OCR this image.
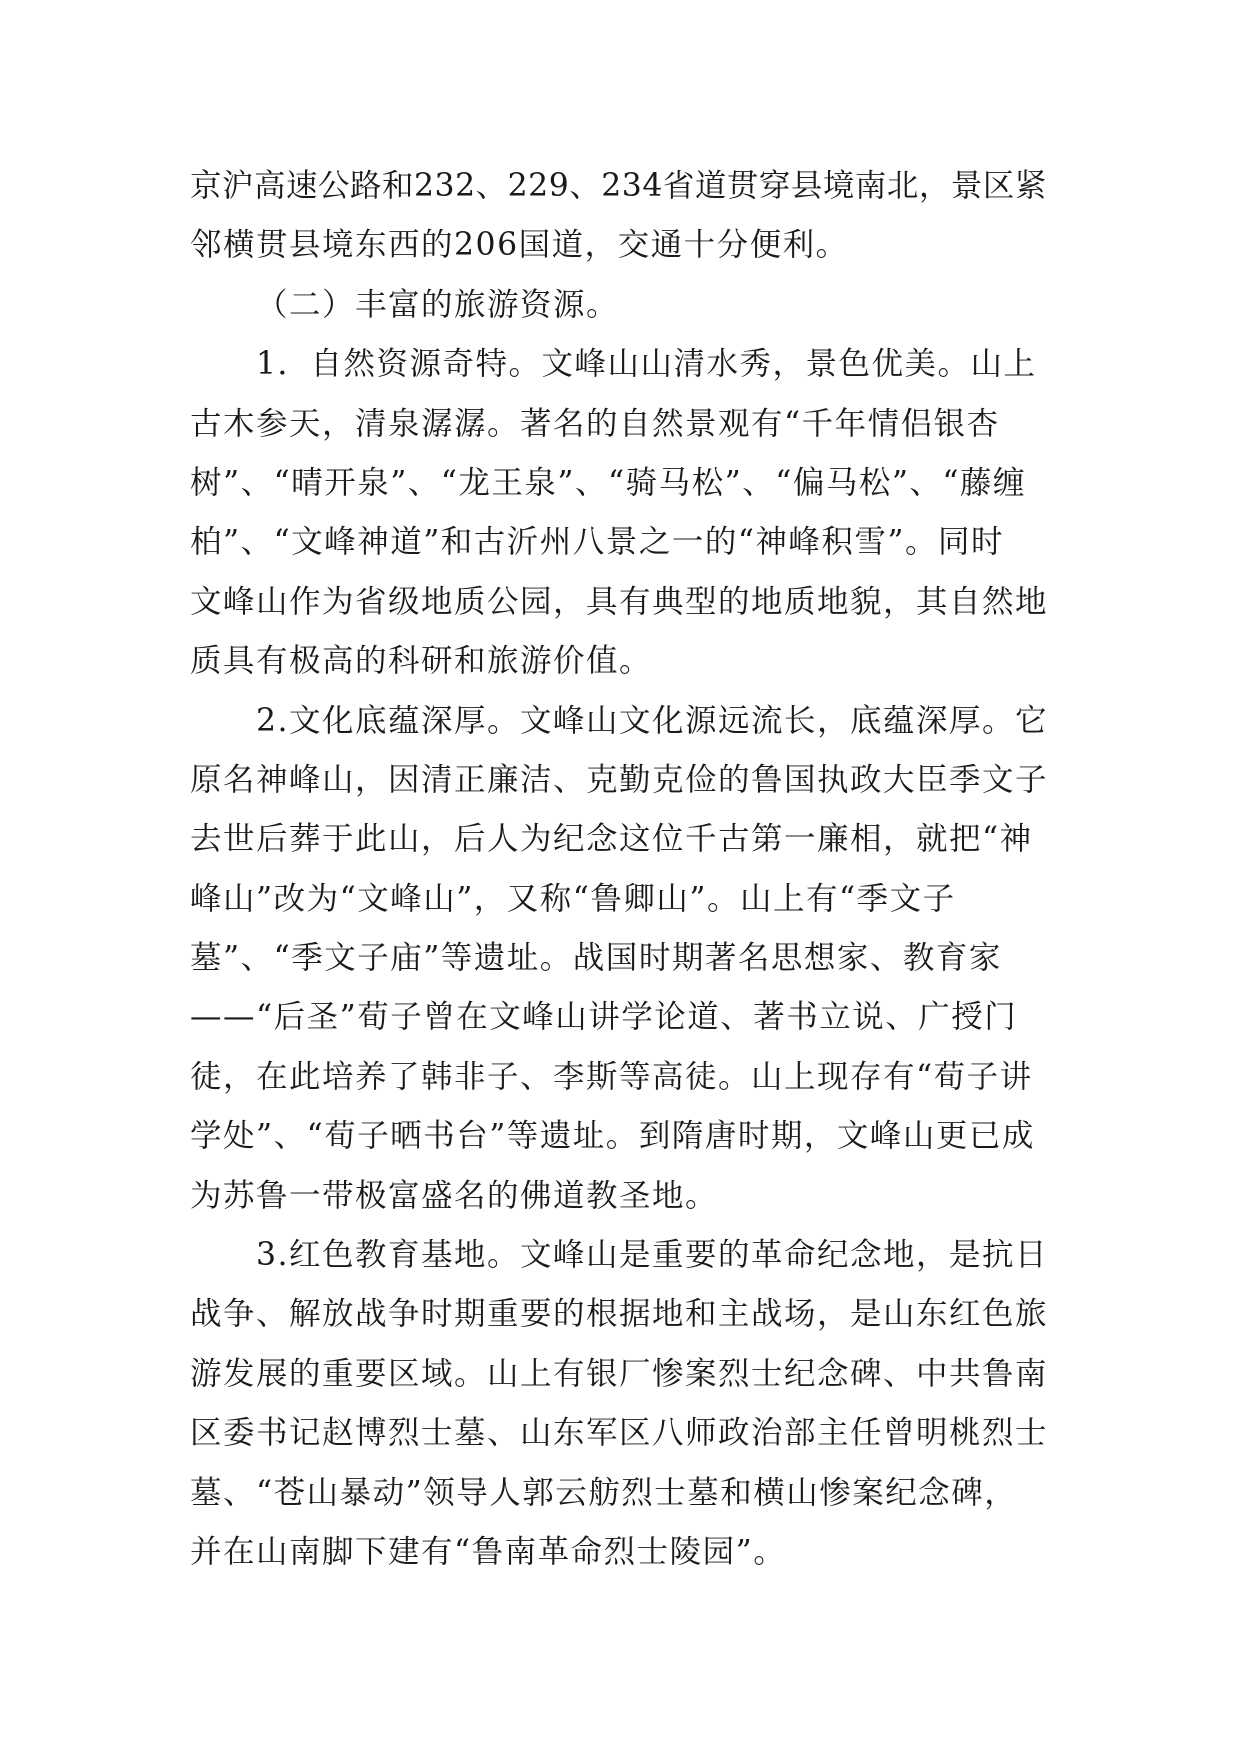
京沪高速公路和232、229、234省道贯穿县境南北，景区紧
邻横贯县境东西的206国道，交通十分便利。
（二）丰富的旅游资源。
1．自然资源奇特。文峰山山清水秀，景色优美。山上
古木参天，清泉潺潺。著名的自然景观有“千年情侣银杏
树”、“晴开泉”、“龙王泉”、“骑马松”、“偏马松”、“藤缠
柏”、“文峰神道”和古沂州八景之一的“神峰积雪”。同时
文峰山作为省级地质公园，具有典型的地质地貌，其自然地
质具有极高的科研和旅游价值。
2.文化底蕴深厚。文峰山文化源远流长，底蕴深厚。它
原名神峰山，因清正廉洁、克勤克俭的鲁国执政大臣季文子
去世后葬于此山，后人为纪念这位千古第一廉相，就把“神
峰山”改为“文峰山”，又称“鲁卿山”。山上有“季文子
墓”、“季文子庙”等遗址。战国时期著名思想家、教育家
——“后圣”荀子曾在文峰山讲学论道、著书立说、广授门
徒，在此培养了韩非子、李斯等高徒。山上现存有“荀子讲
学处”、“荀子晒书台”等遗址。到隋唐时期，文峰山更已成
为苏鲁一带极富盛名的佛道教圣地。
3.红色教育基地。文峰山是重要的革命纪念地，是抗日
战争、解放战争时期重要的根据地和主战场，是山东红色旅
游发展的重要区域。山上有银厂惨案烈士纪念碑、中共鲁南
区委书记赵博烈士墓、山东军区八师政治部主任曾明桃烈士
墓、“苍山暴动”领导人郭云舫烈士墓和横山惨案纪念碑，
并在山南脚下建有“鲁南革命烈士陵园”。
